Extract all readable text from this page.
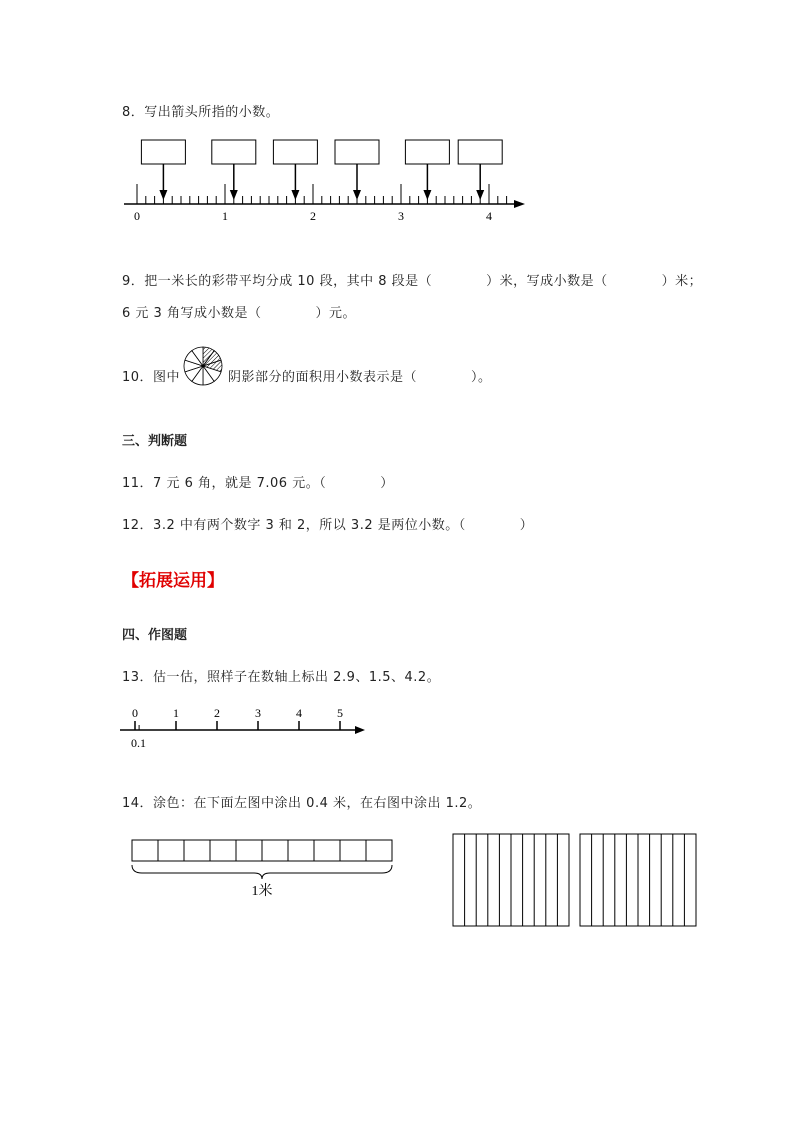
8．写出箭头所指的小数。
0	1	2	3	4
9．把一米长的彩带平均分成 10 段，其中 8 段是（　　　　）米，写成小数是（　　　　）米；
6 元 3 角写成小数是（　　　　）元。
10．图中	阴影部分的面积用小数表示是（　　　　）。
三、判断题
11．7 元 6 角，就是 7.06 元。（　　　　）
12．3.2 中有两个数字 3 和 2，所以 3.2 是两位小数。（　　　　）
【拓展运用】
四、作图题
13．估一估，照样子在数轴上标出 2.9、1.5、4.2。
0	1	2	3	4	5
0.1
14．涂色：在下面左图中涂出 0.4 米，在右图中涂出 1.2。
1米
